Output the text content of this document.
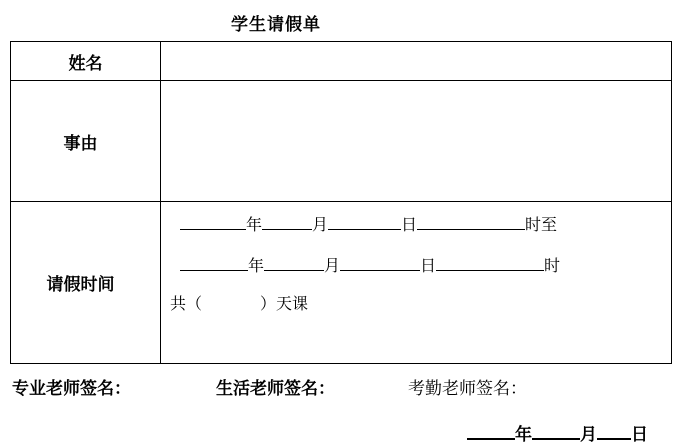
学生请假单
姓名	
事由	
请假时间	年 月 日 时至
年 月 日 时
共（ ）天课
专业老师签名：	生活老师签名：	考勤老师签名：
年	月 日
